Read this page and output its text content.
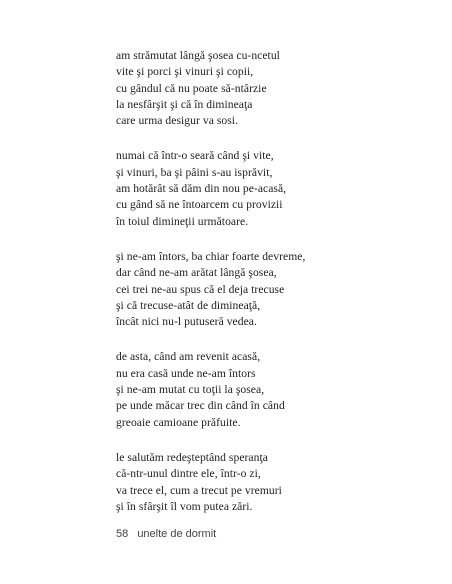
am strămutat lângă şosea cu-ncetul
vite şi porci şi vinuri şi copii,
cu gândul că nu poate să-ntârzie
la nesfârşit şi că în dimineaţa
care urma desigur va sosi.
numai că într-o seară când şi vite,
şi vinuri, ba şi pâini s-au isprăvit,
am hotărât să dăm din nou pe-acasă,
cu gând să ne întoarcem cu provizii
în toiul dimineţii următoare.
şi ne-am întors, ba chiar foarte devreme,
dar când ne-am arătat lângă şosea,
cei trei ne-au spus că el deja trecuse
şi că trecuse-atât de dimineaţă,
încât nici nu-l putuseră vedea.
de asta, când am revenit acasă,
nu era casă unde ne-am întors
şi ne-am mutat cu toţii la şosea,
pe unde măcar trec din când în când
greoaie camioane prăfuite.
le salutăm redeşteptând speranţa
că-ntr-unul dintre ele, într-o zi,
va trece el, cum a trecut pe vremuri
şi în sfârşit îl vom putea zări.
58 unelte de dormit
